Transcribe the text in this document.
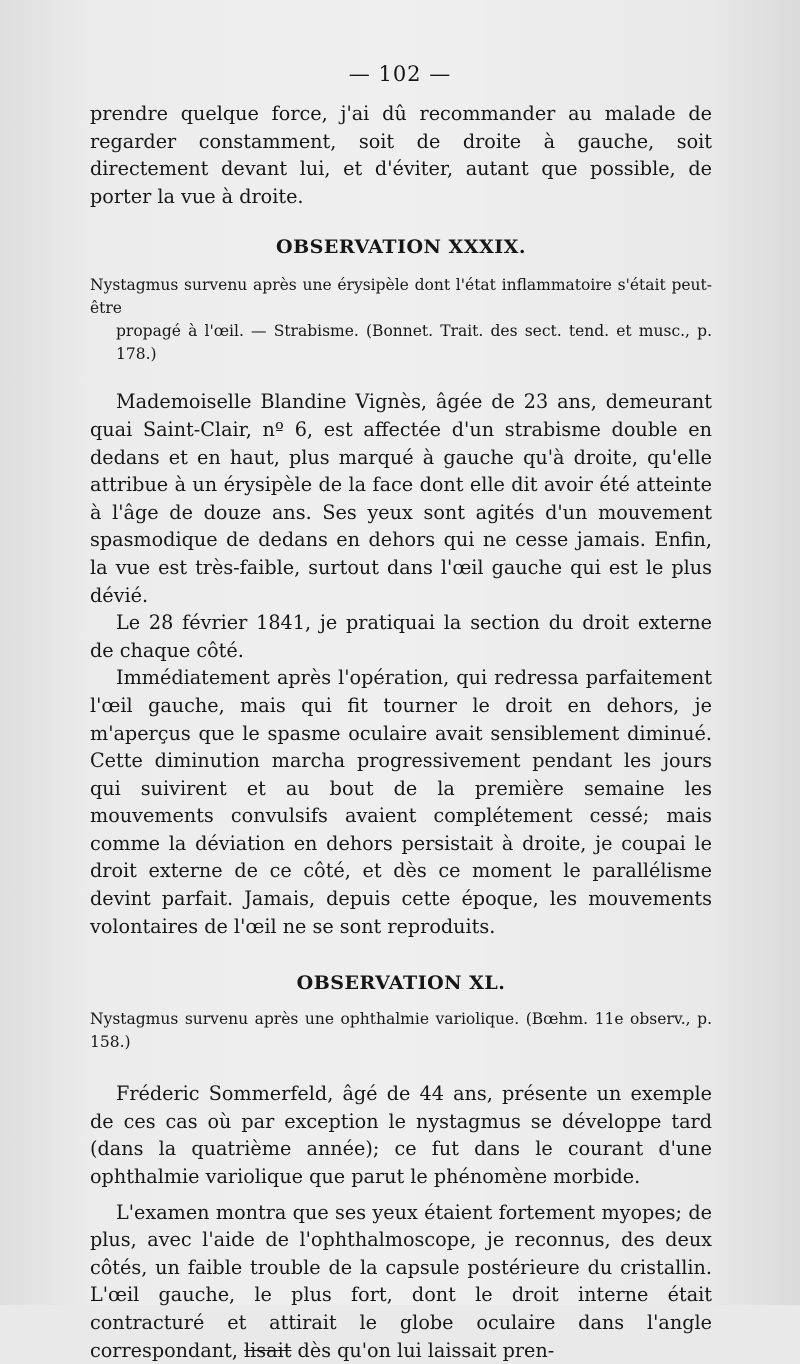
— 102 —

prendre quelque force, j'ai dû recommander au malade de regarder constamment, soit de droite à gauche, soit directement devant lui, et d'éviter, autant que possible, de porter la vue à droite.

OBSERVATION XXXIX.

Nystagmus survenu après une érysipèle dont l'état inflammatoire s'était peut-être
propagé à l'œil. — Strabisme. (Bonnet. Trait. des sect. tend. et musc., p. 178.)

Mademoiselle Blandine Vignès, âgée de 23 ans, demeurant quai Saint-Clair, nº 6, est affectée d'un strabisme double en dedans et en haut, plus marqué à gauche qu'à droite, qu'elle attribue à un érysipèle de la face dont elle dit avoir été atteinte à l'âge de douze ans. Ses yeux sont agités d'un mouvement spasmodique de dedans en dehors qui ne cesse jamais. Enfin, la vue est très-faible, surtout dans l'œil gauche qui est le plus dévié.

Le 28 février 1841, je pratiquai la section du droit externe de chaque côté.

Immédiatement après l'opération, qui redressa parfaitement l'œil gauche, mais qui fit tourner le droit en dehors, je m'aperçus que le spasme oculaire avait sensiblement diminué. Cette diminution marcha progressivement pendant les jours qui suivirent et au bout de la première semaine les mouvements convulsifs avaient complétement cessé; mais comme la déviation en dehors persistait à droite, je coupai le droit externe de ce côté, et dès ce moment le parallélisme devint parfait. Jamais, depuis cette époque, les mouvements volontaires de l'œil ne se sont reproduits.

OBSERVATION XL.

Nystagmus survenu après une ophthalmie variolique. (Bœhm. 11e observ., p. 158.)

Fréderic Sommerfeld, âgé de 44 ans, présente un exemple de ces cas où par exception le nystagmus se développe tard (dans la quatrième année); ce fut dans le courant d'une ophthalmie variolique que parut le phénomène morbide.

L'examen montra que ses yeux étaient fortement myopes; de plus, avec l'aide de l'ophthalmoscope, je reconnus, des deux côtés, un faible trouble de la capsule postérieure du cristallin. L'œil gauche, le plus fort, dont le droit interne était contracturé et attirait le globe oculaire dans l'angle correspondant, lisait dès qu'on lui laissait pren-
